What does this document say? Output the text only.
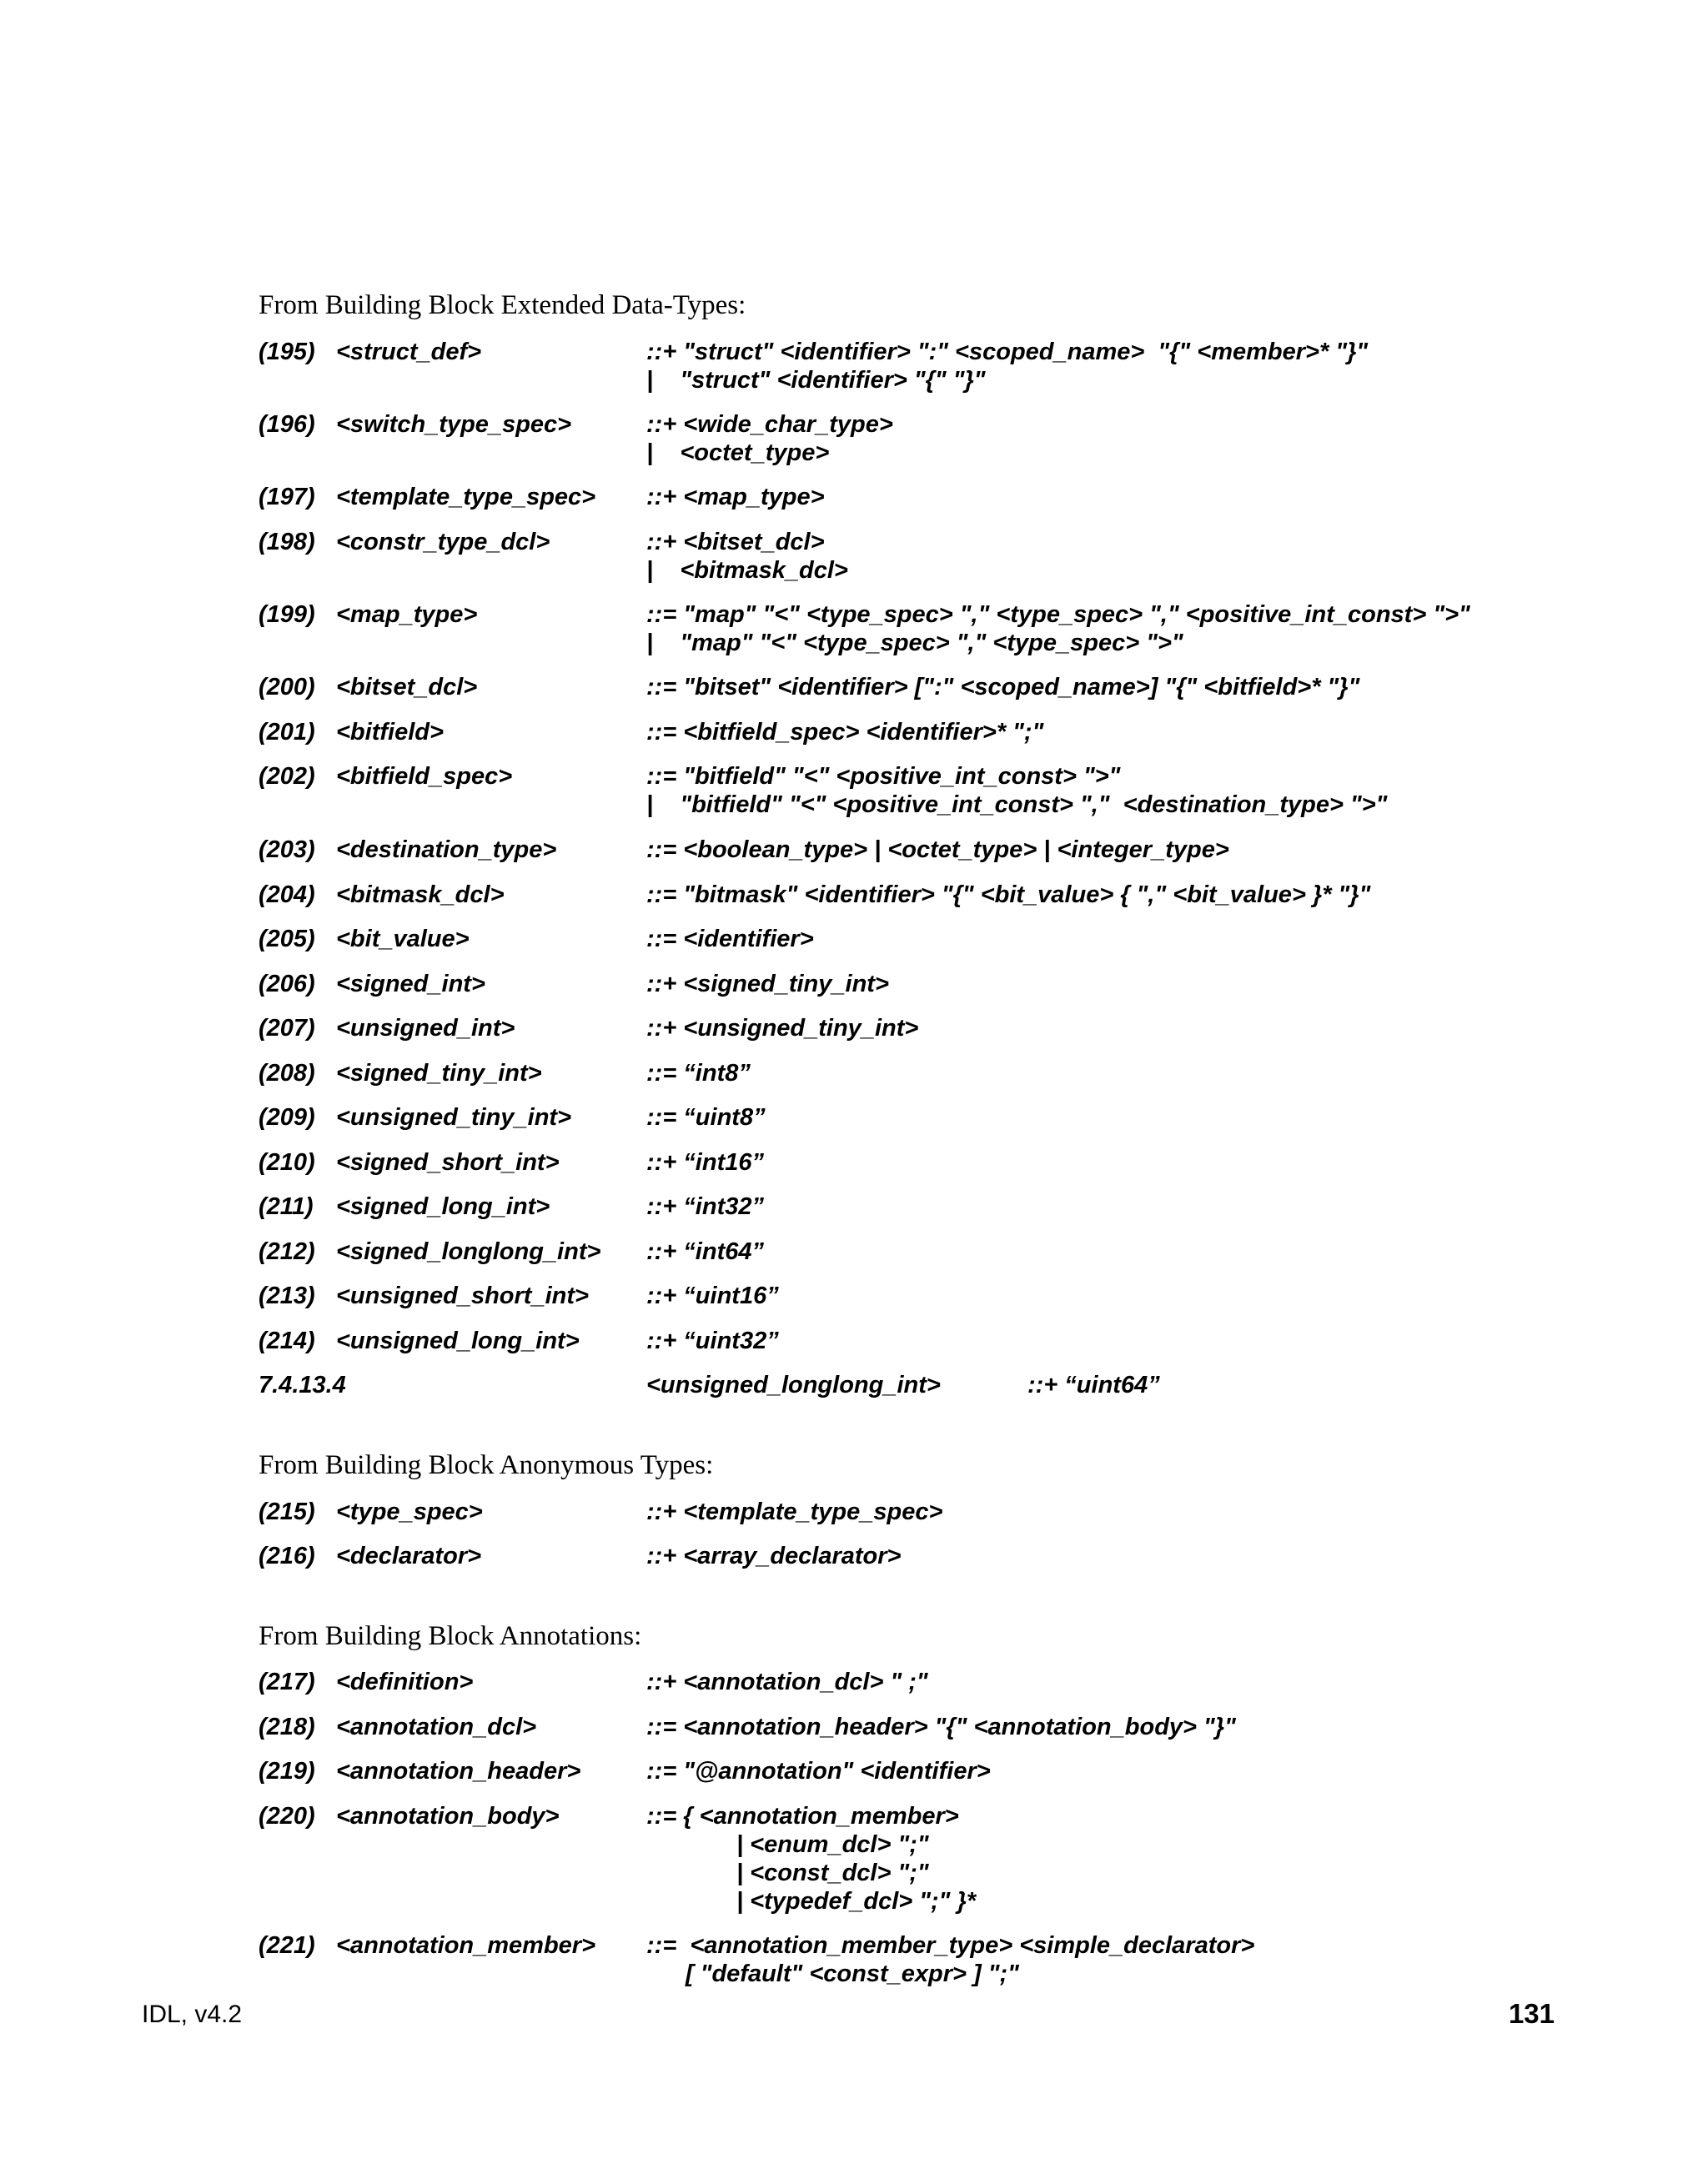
From Building Block Extended Data-Types:
(195) <struct_def>	::+ "struct" <identifier> ":" <scoped_name>  "{" <member>* "}"
|    "struct" <identifier> "{" "}"
(196) <switch_type_spec>	::+ <wide_char_type>
|    <octet_type>
(197) <template_type_spec> ::+ <map_type>
(198) <constr_type_dcl>	::+ <bitset_dcl>
|    <bitmask_dcl>
(199) <map_type>	::= "map" "<" <type_spec> "," <type_spec> "," <positive_int_const> ">"
|    "map" "<" <type_spec> "," <type_spec> ">"
(200) <bitset_dcl>	::= "bitset" <identifier> [":" <scoped_name>] "{" <bitfield>* "}"
(201) <bitfield>	::= <bitfield_spec> <identifier>* ";"
(202) <bitfield_spec>	::= "bitfield" "<" <positive_int_const> ">"
|    "bitfield" "<" <positive_int_const> ","  <destination_type> ">"
(203) <destination_type>	::= <boolean_type> | <octet_type> | <integer_type>
(204) <bitmask_dcl>	::= "bitmask" <identifier> "{" <bit_value> { "," <bit_value> }* "}"
(205) <bit_value>	::= <identifier>
(206) <signed_int>	::+ <signed_tiny_int>
(207) <unsigned_int>	::+ <unsigned_tiny_int>
(208) <signed_tiny_int>	::= “int8”
(209) <unsigned_tiny_int>	::= “uint8”
(210) <signed_short_int>	::+ “int16”
(211) <signed_long_int>	::+ “int32”
(212) <signed_longlong_int> ::+ “int64”
(213) <unsigned_short_int> ::+ “uint16”
(214) <unsigned_long_int>	::+ “uint32”
7.4.13.4	<unsigned_longlong_int>	::+ “uint64”
From Building Block Anonymous Types:
(215) <type_spec>	::+ <template_type_spec>
(216) <declarator>	::+ <array_declarator>
From Building Block Annotations:
(217) <definition>	::+ <annotation_dcl> " ;"
(218) <annotation_dcl>	::= <annotation_header> "{" <annotation_body> "}"
(219) <annotation_header>	::= "@annotation" <identifier>
(220) <annotation_body>	::= { <annotation_member>
| <enum_dcl> ";"
| <const_dcl> ";"
| <typedef_dcl> ";" }*
(221) <annotation_member> ::=  <annotation_member_type> <simple_declarator>
[ "default" <const_expr> ] ";"
IDL, v4.2	131
